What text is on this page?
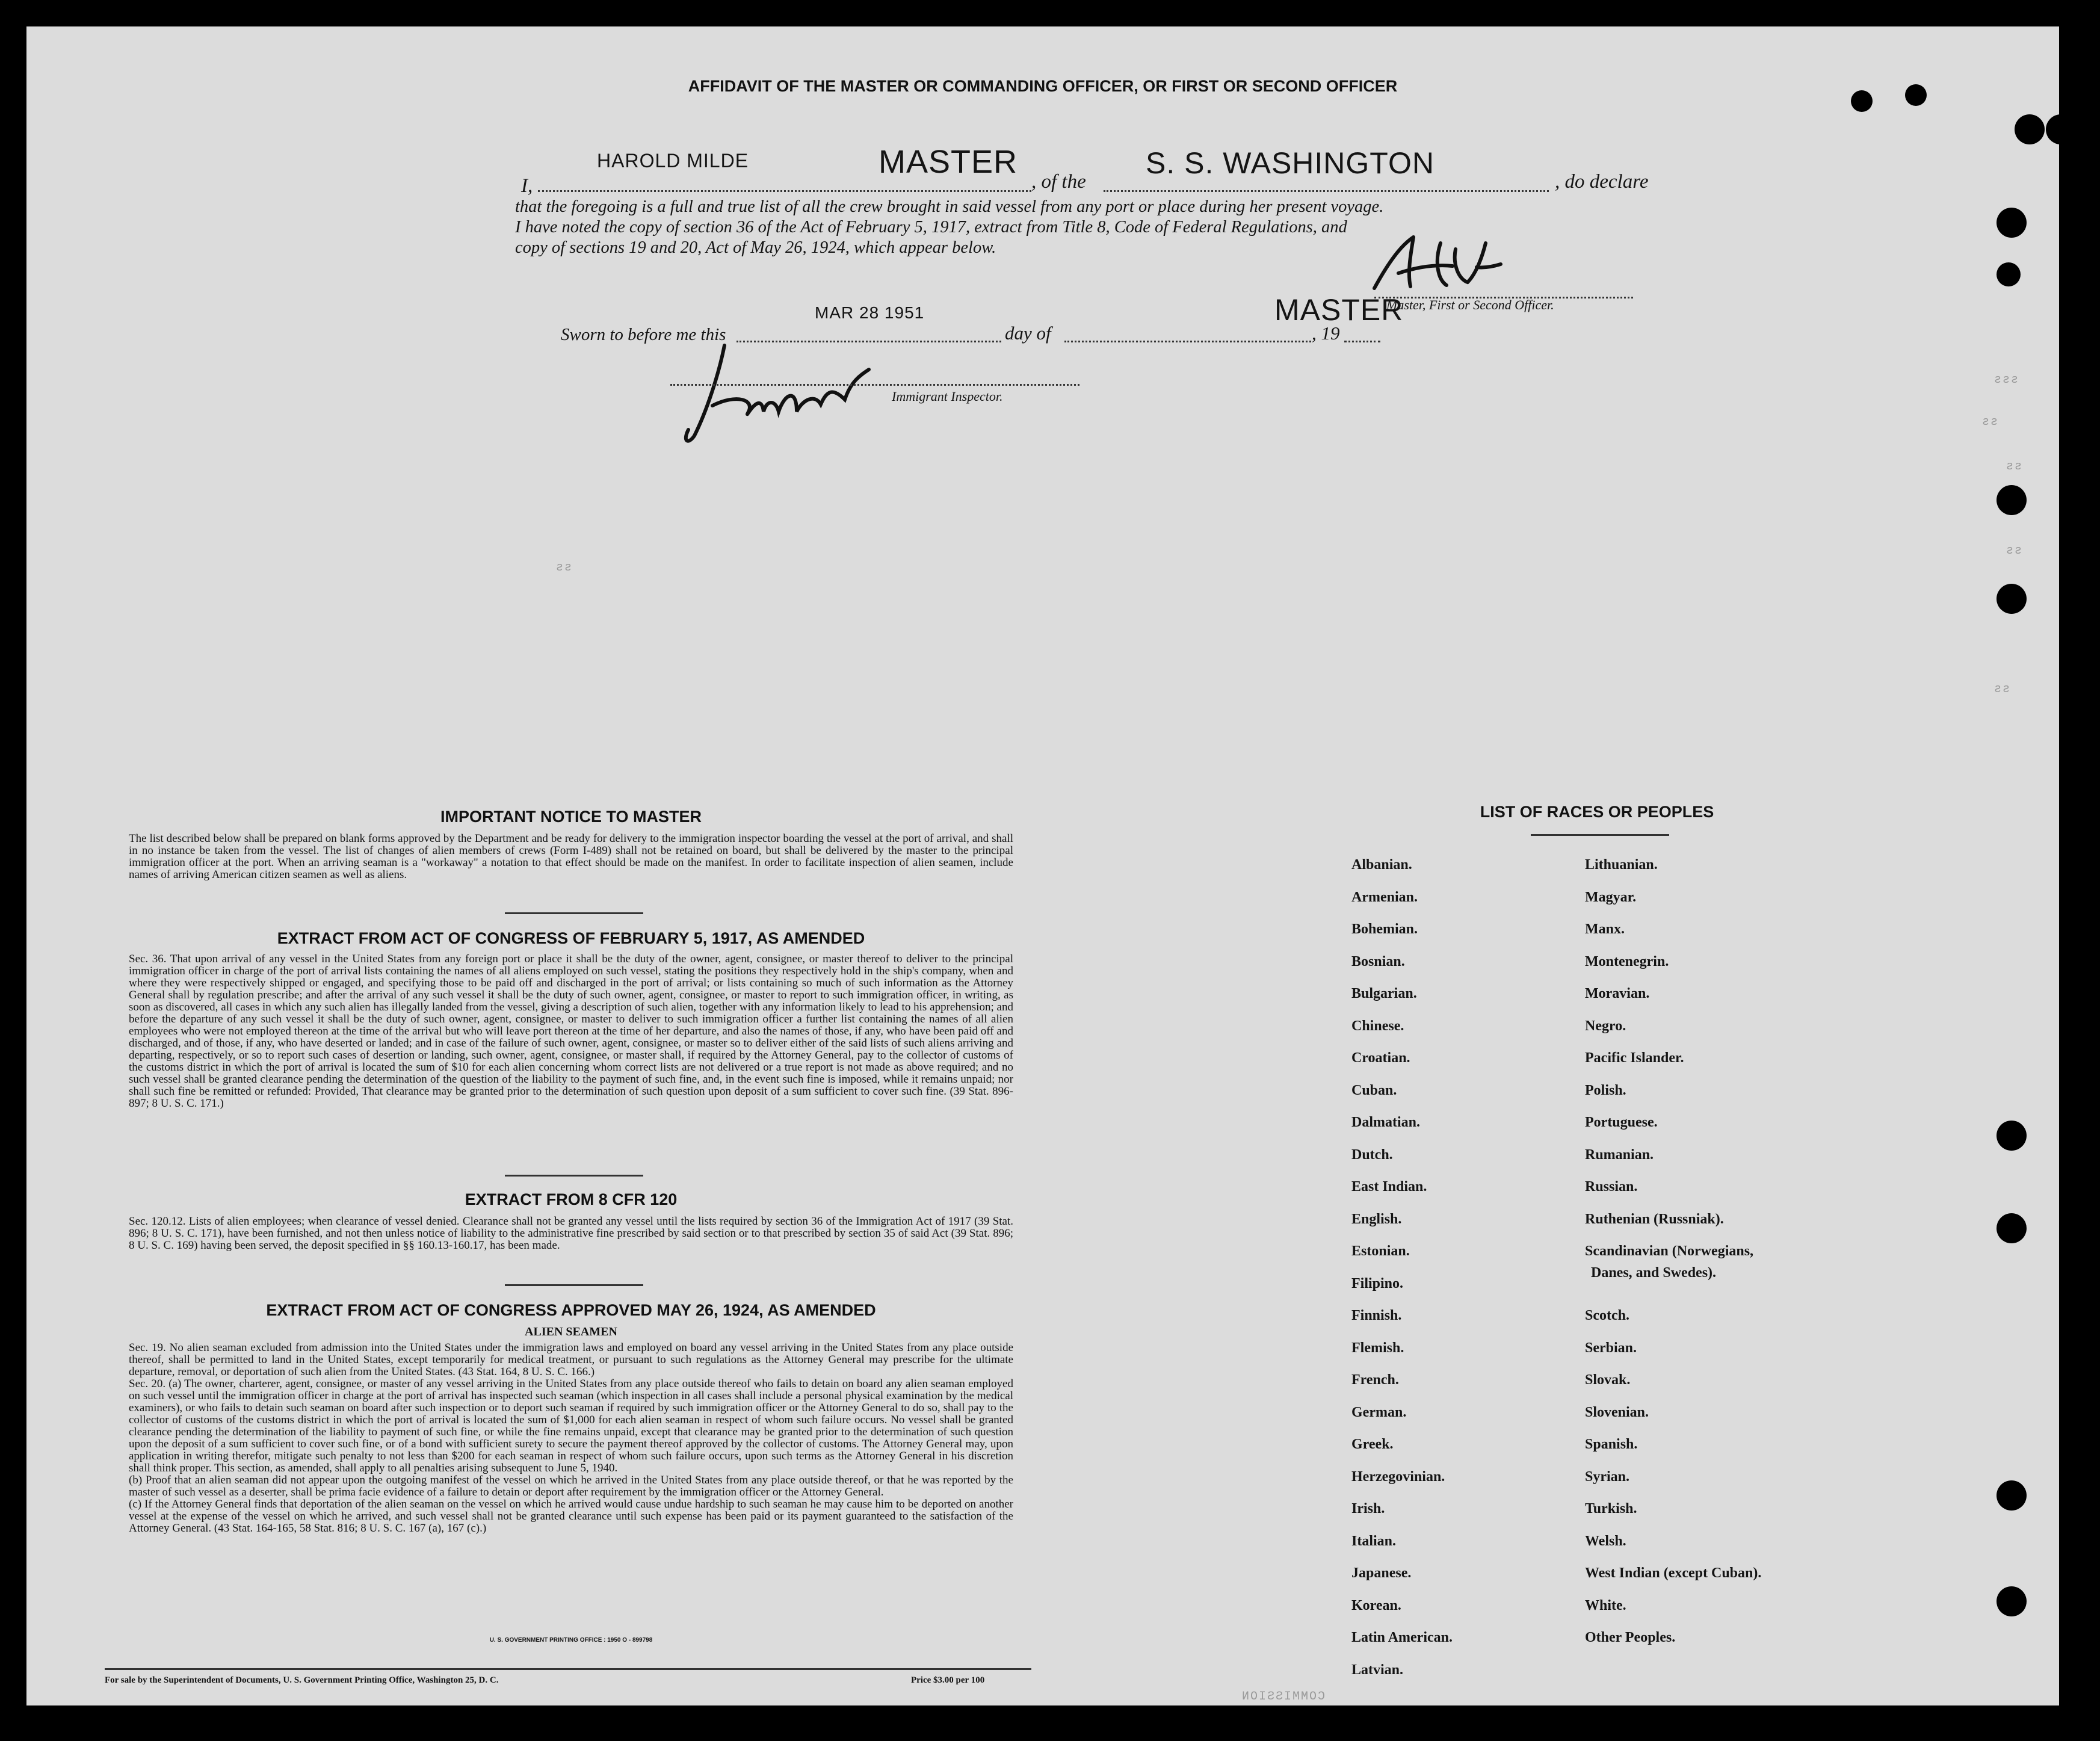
AFFIDAVIT OF THE MASTER OR COMMANDING OFFICER, OR FIRST OR SECOND OFFICER
I,
HAROLD MILDE	MASTER
, of the
S. S. WASHINGTON
, do declare
that the foregoing is a full and true list of all the crew brought in said vessel from any port or place during her present voyage.
I have noted the copy of section 36 of the Act of February 5, 1917, extract from Title 8, Code of Federal Regulations, and
copy of sections 19 and 20, Act of May 26, 1924, which appear below.
MASTER
Master, First or Second Officer.
Sworn to before me this
MAR 28 1951
day of	, 19
Immigrant Inspector.
ƨƨƨ
ƨƨ
ƨƨ
ƨƨ
ƨƨ
ƨƨ
IMPORTANT NOTICE TO MASTER
The list described below shall be prepared on blank forms approved by the Department and be ready for delivery to the immigration inspector boarding the vessel at the port of arrival, and shall in no instance be taken from the vessel. The list of changes of alien members of crews (Form I-489) shall not be retained on board, but shall be delivered by the master to the principal immigration officer at the port. When an arriving seaman is a "workaway" a notation to that effect should be made on the manifest. In order to facilitate inspection of alien seamen, include names of arriving American citizen seamen as well as aliens.
EXTRACT FROM ACT OF CONGRESS OF FEBRUARY 5, 1917, AS AMENDED
Sec. 36. That upon arrival of any vessel in the United States from any foreign port or place it shall be the duty of the owner, agent, consignee, or master thereof to deliver to the principal immigration officer in charge of the port of arrival lists containing the names of all aliens employed on such vessel, stating the positions they respectively hold in the ship's company, when and where they were respectively shipped or engaged, and specifying those to be paid off and discharged in the port of arrival; or lists containing so much of such information as the Attorney General shall by regulation prescribe; and after the arrival of any such vessel it shall be the duty of such owner, agent, consignee, or master to report to such immigration officer, in writing, as soon as discovered, all cases in which any such alien has illegally landed from the vessel, giving a description of such alien, together with any information likely to lead to his apprehension; and before the departure of any such vessel it shall be the duty of such owner, agent, consignee, or master to deliver to such immigration officer a further list containing the names of all alien employees who were not employed thereon at the time of the arrival but who will leave port thereon at the time of her departure, and also the names of those, if any, who have been paid off and discharged, and of those, if any, who have deserted or landed; and in case of the failure of such owner, agent, consignee, or master so to deliver either of the said lists of such aliens arriving and departing, respectively, or so to report such cases of desertion or landing, such owner, agent, consignee, or master shall, if required by the Attorney General, pay to the collector of customs of the customs district in which the port of arrival is located the sum of $10 for each alien concerning whom correct lists are not delivered or a true report is not made as above required; and no such vessel shall be granted clearance pending the determination of the question of the liability to the payment of such fine, and, in the event such fine is imposed, while it remains unpaid; nor shall such fine be remitted or refunded: Provided, That clearance may be granted prior to the determination of such question upon deposit of a sum sufficient to cover such fine. (39 Stat. 896-897; 8 U. S. C. 171.)
EXTRACT FROM 8 CFR 120
Sec. 120.12. Lists of alien employees; when clearance of vessel denied. Clearance shall not be granted any vessel until the lists required by section 36 of the Immigration Act of 1917 (39 Stat. 896; 8 U. S. C. 171), have been furnished, and not then unless notice of liability to the administrative fine prescribed by said section or to that prescribed by section 35 of said Act (39 Stat. 896; 8 U. S. C. 169) having been served, the deposit specified in §§ 160.13-160.17, has been made.
EXTRACT FROM ACT OF CONGRESS APPROVED MAY 26, 1924, AS AMENDED
ALIEN SEAMEN
Sec. 19. No alien seaman excluded from admission into the United States under the immigration laws and employed on board any vessel arriving in the United States from any place outside thereof, shall be permitted to land in the United States, except temporarily for medical treatment, or pursuant to such regulations as the Attorney General may prescribe for the ultimate departure, removal, or deportation of such alien from the United States. (43 Stat. 164, 8 U. S. C. 166.)
Sec. 20. (a) The owner, charterer, agent, consignee, or master of any vessel arriving in the United States from any place outside thereof who fails to detain on board any alien seaman employed on such vessel until the immigration officer in charge at the port of arrival has inspected such seaman (which inspection in all cases shall include a personal physical examination by the medical examiners), or who fails to detain such seaman on board after such inspection or to deport such seaman if required by such immigration officer or the Attorney General to do so, shall pay to the collector of customs of the customs district in which the port of arrival is located the sum of $1,000 for each alien seaman in respect of whom such failure occurs. No vessel shall be granted clearance pending the determination of the liability to payment of such fine, or while the fine remains unpaid, except that clearance may be granted prior to the determination of such question upon the deposit of a sum sufficient to cover such fine, or of a bond with sufficient surety to secure the payment thereof approved by the collector of customs. The Attorney General may, upon application in writing therefor, mitigate such penalty to not less than $200 for each seaman in respect of whom such failure occurs, upon such terms as the Attorney General in his discretion shall think proper. This section, as amended, shall apply to all penalties arising subsequent to June 5, 1940.
(b) Proof that an alien seaman did not appear upon the outgoing manifest of the vessel on which he arrived in the United States from any place outside thereof, or that he was reported by the master of such vessel as a deserter, shall be prima facie evidence of a failure to detain or deport after requirement by the immigration officer or the Attorney General.
(c) If the Attorney General finds that deportation of the alien seaman on the vessel on which he arrived would cause undue hardship to such seaman he may cause him to be deported on another vessel at the expense of the vessel on which he arrived, and such vessel shall not be granted clearance until such expense has been paid or its payment guaranteed to the satisfaction of the Attorney General. (43 Stat. 164-165, 58 Stat. 816; 8 U. S. C. 167 (a), 167 (c).)
U. S. GOVERNMENT PRINTING OFFICE : 1950 O - 899798
For sale by the Superintendent of Documents, U. S. Government Printing Office, Washington 25, D. C.	Price $3.00 per 100
LIST OF RACES OR PEOPLES
Albanian.
Armenian.
Bohemian.
Bosnian.
Bulgarian.
Chinese.
Croatian.
Cuban.
Dalmatian.
Dutch.
East Indian.
English.
Estonian.
Filipino.
Finnish.
Flemish.
French.
German.
Greek.
Herzegovinian.
Irish.
Italian.
Japanese.
Korean.
Latin American.
Latvian.
Lithuanian.
Magyar.
Manx.
Montenegrin.
Moravian.
Negro.
Pacific Islander.
Polish.
Portuguese.
Rumanian.
Russian.
Ruthenian (Russniak).
Scandinavian (Norwegians,
Danes, and Swedes).
Scotch.
Serbian.
Slovak.
Slovenian.
Spanish.
Syrian.
Turkish.
Welsh.
West Indian (except Cuban).
White.
Other Peoples.
ИОIƧƧIMMOƆ
